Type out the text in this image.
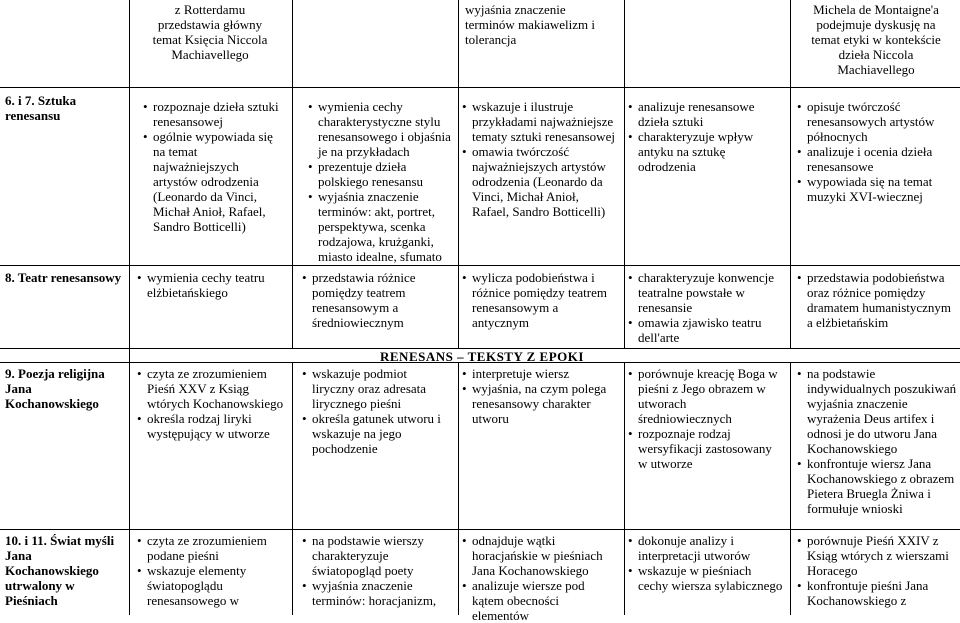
z Rotterdamu
przedstawia główny
temat Księcia Niccola
Machiavellego
wyjaśnia znaczenie
terminów makiawelizm i
tolerancja
Michela de Montaigne'a
podejmuje dyskusję na
temat etyki w kontekście
dzieła Niccola
Machiavellego
6. i 7. Sztuka
renesansu
• rozpoznaje dzieła sztuki renesansowej
• ogólnie wypowiada się na temat najważniejszych artystów odrodzenia (Leonardo da Vinci, Michał Anioł, Rafael, Sandro Botticelli)
• wymienia cechy charakterystyczne stylu renesansowego i objaśnia je na przykładach
• prezentuje dzieła polskiego renesansu
• wyjaśnia znaczenie terminów: akt, portret, perspektywa, scenka rodzajowa, krużganki, miasto idealne, sfumato
• wskazuje i ilustruje przykładami najważniejsze tematy sztuki renesansowej
• omawia twórczość najważniejszych artystów odrodzenia (Leonardo da Vinci, Michał Anioł, Rafael, Sandro Botticelli)
• analizuje renesansowe dzieła sztuki
• charakteryzuje wpływ antyku na sztukę odrodzenia
• opisuje twórczość renesansowych artystów północnych
• analizuje i ocenia dzieła renesansowe
• wypowiada się na temat muzyki XVI-wiecznej
8. Teatr renesansowy
•	wymienia cechy teatru elżbietańskiego
• przedstawia różnice pomiędzy teatrem renesansowym a średniowiecznym
• wylicza podobieństwa i różnice pomiędzy teatrem renesansowym a antycznym
• charakteryzuje konwencje teatralne powstałe w renesansie
• omawia zjawisko teatru dell'arte
• przedstawia podobieństwa oraz różnice pomiędzy dramatem humanistycznym a elżbietańskim
RENESANS – TEKSTY Z EPOKI
9. Poezja religijna
Jana
Kochanowskiego
• czyta ze zrozumieniem Pieśń XXV z Ksiąg wtórych Kochanowskiego
• określa rodzaj liryki występujący w utworze
• wskazuje podmiot liryczny oraz adresata lirycznego pieśni
• określa gatunek utworu i wskazuje na jego pochodzenie
• interpretuje wiersz
• wyjaśnia, na czym polega renesansowy charakter utworu
• porównuje kreację Boga w pieśni z Jego obrazem w utworach średniowiecznych
• rozpoznaje rodzaj wersyfikacji zastosowany w utworze
• na podstawie indywidualnych poszukiwań wyjaśnia znaczenie wyrażenia Deus artifex i odnosi je do utworu Jana Kochanowskiego
• konfrontuje wiersz Jana Kochanowskiego z obrazem Pietera Bruegla Żniwa i formułuje wnioski
10. i 11. Świat myśli
Jana
Kochanowskiego
utrwalony w
Pieśniach
• czyta ze zrozumieniem podane pieśni
• wskazuje elementy światopoglądu renesansowego w
• na podstawie wierszy charakteryzuje światopogląd poety
• wyjaśnia znaczenie terminów: horacjanizm,
• odnajduje wątki horacjańskie w pieśniach Jana Kochanowskiego
• analizuje wiersze pod kątem obecności elementów
• dokonuje analizy i interpretacji utworów
• wskazuje w pieśniach cechy wiersza sylabicznego
• porównuje Pieśń XXIV z Ksiąg wtórych z wierszami Horacego
• konfrontuje pieśni Jana Kochanowskiego z
